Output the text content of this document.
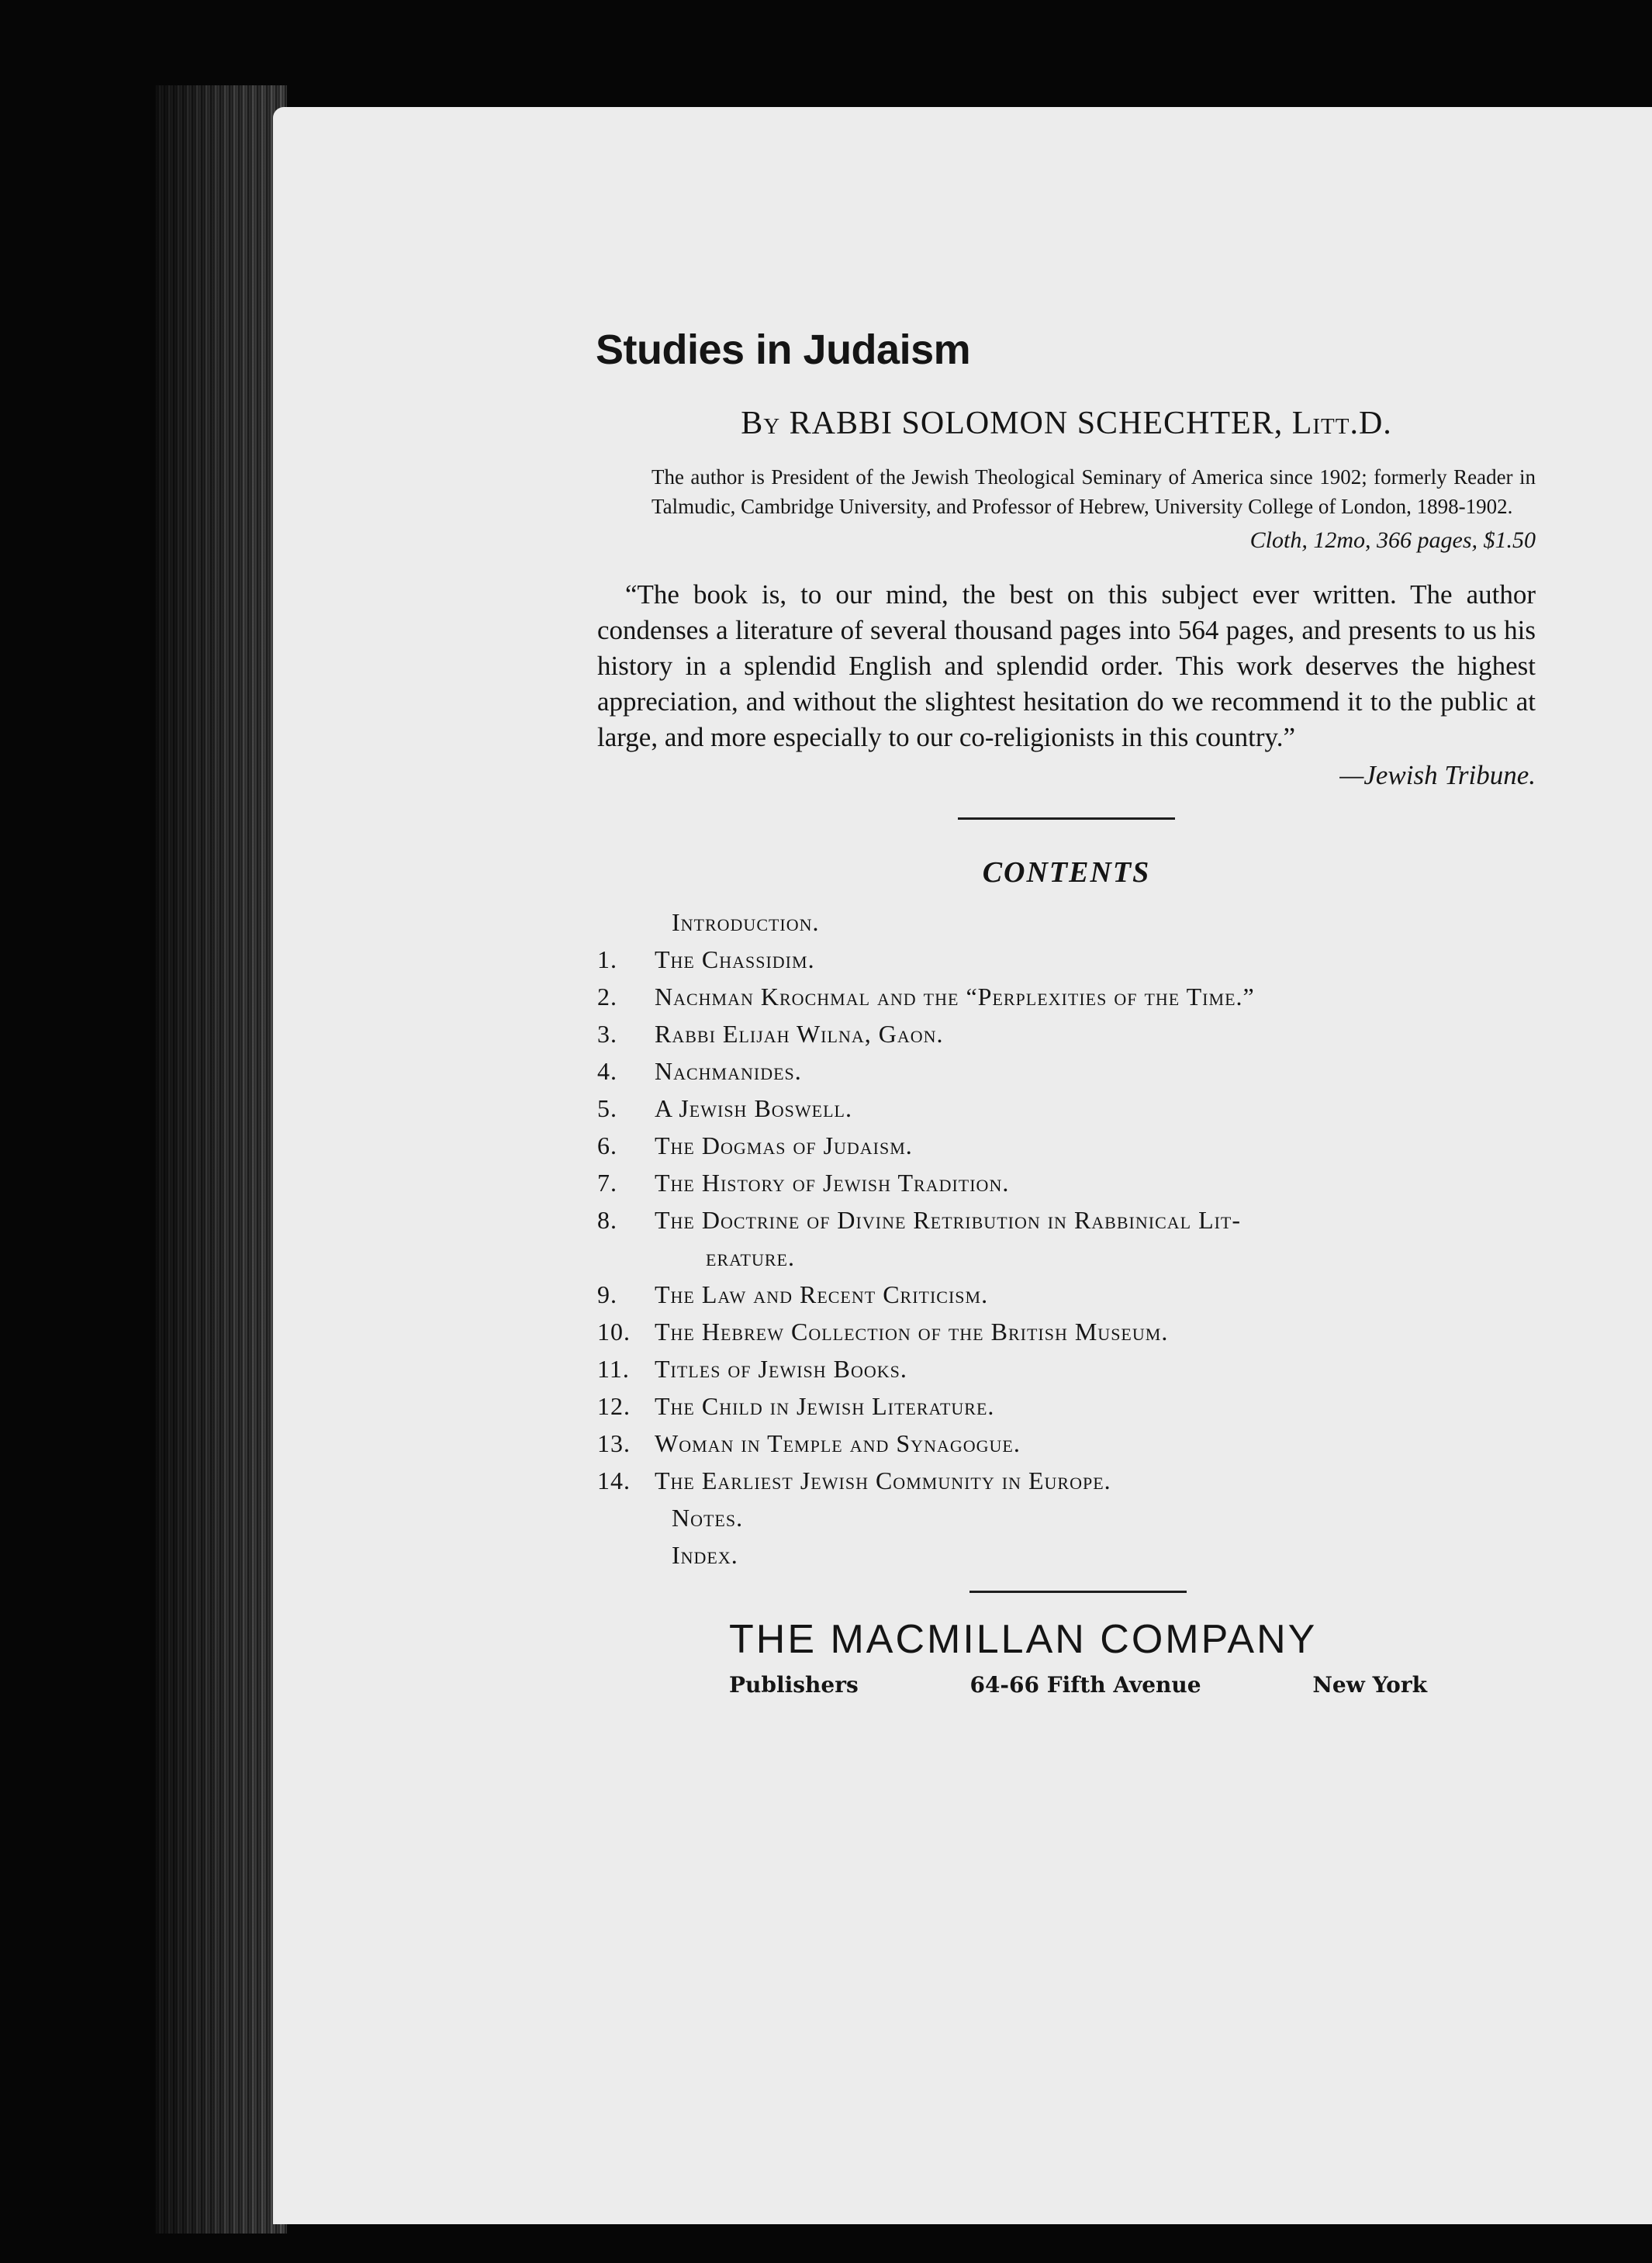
Studies in Judaism

By RABBI SOLOMON SCHECHTER, Litt.D.

The author is President of the Jewish Theological Seminary of America since 1902; formerly Reader in Talmudic, Cambridge University, and Professor of Hebrew, University College of London, 1898-1902.

Cloth, 12mo, 366 pages, $1.50

“The book is, to our mind, the best on this subject ever written. The author condenses a literature of several thousand pages into 564 pages, and presents to us his history in a splendid English and splendid order. This work deserves the highest appreciation, and without the slightest hesitation do we recommend it to the public at large, and more especially to our co-religionists in this country.”

—Jewish Tribune.

CONTENTS
Introduction.
1.	The Chassidim.
2.	Nachman Krochmal and the “Perplexities of the Time.”
3.	Rabbi Elijah Wilna, Gaon.
4.	Nachmanides.
5.	A Jewish Boswell.
6.	The Dogmas of Judaism.
7.	The History of Jewish Tradition.
8.	The Doctrine of Divine Retribution in Rabbinical Lit-
erature.
9.	The Law and Recent Criticism.
10. The Hebrew Collection of the British Museum.
11.	Titles of Jewish Books.
12. The Child in Jewish Literature.
13. Woman in Temple and Synagogue.
14. The Earliest Jewish Community in Europe.
Notes.
Index.
THE MACMILLAN COMPANY
Publishers	64-66 Fifth Avenue	New York
